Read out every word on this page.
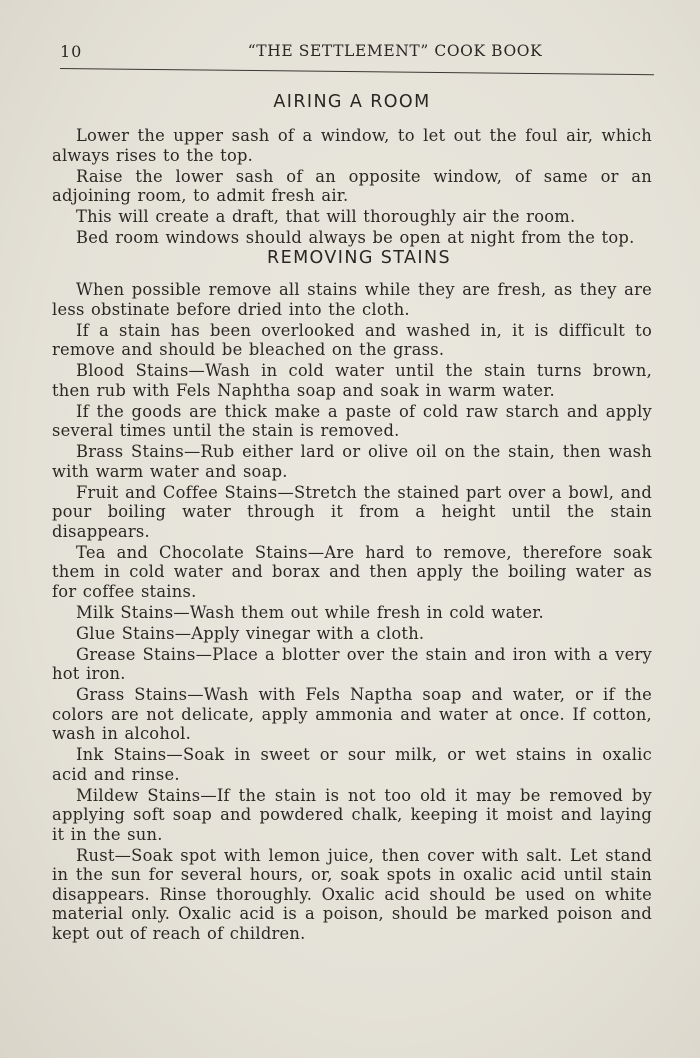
10	“THE SETTLEMENT” COOK BOOK
AIRING A ROOM

Lower the upper sash of a window, to let out the foul air, which always rises to the top.

Raise the lower sash of an opposite window, of same or an adjoining room, to admit fresh air.

This will create a draft, that will thoroughly air the room.

Bed room windows should always be open at night from the top.

REMOVING STAINS

When possible remove all stains while they are fresh, as they are less obstinate before dried into the cloth.

If a stain has been overlooked and washed in, it is difficult to remove and should be bleached on the grass.

Blood Stains—Wash in cold water until the stain turns brown, then rub with Fels Naphtha soap and soak in warm water.

If the goods are thick make a paste of cold raw starch and apply several times until the stain is removed.

Brass Stains—Rub either lard or olive oil on the stain, then wash with warm water and soap.

Fruit and Coffee Stains—Stretch the stained part over a bowl, and pour boiling water through it from a height until the stain disappears.

Tea and Chocolate Stains—Are hard to remove, therefore soak them in cold water and borax and then apply the boiling water as for coffee stains.

Milk Stains—Wash them out while fresh in cold water.

Glue Stains—Apply vinegar with a cloth.

Grease Stains—Place a blotter over the stain and iron with a very hot iron.

Grass Stains—Wash with Fels Naptha soap and water, or if the colors are not delicate, apply ammonia and water at once. If cotton, wash in alcohol.

Ink Stains—Soak in sweet or sour milk, or wet stains in oxalic acid and rinse.

Mildew Stains—If the stain is not too old it may be removed by applying soft soap and powdered chalk, keeping it moist and laying it in the sun.

Rust—Soak spot with lemon juice, then cover with salt. Let stand in the sun for several hours, or, soak spots in oxalic acid until stain disappears. Rinse thoroughly. Oxalic acid should be used on white material only. Oxalic acid is a poison, should be marked poison and kept out of reach of children.
